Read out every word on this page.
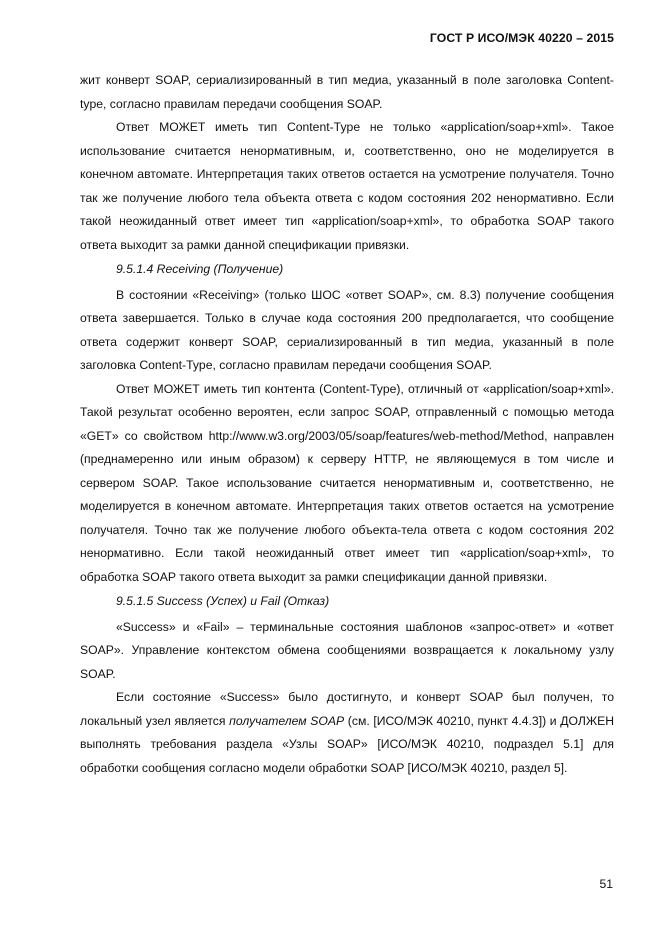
ГОСТ Р ИСО/МЭК 40220 – 2015

жит конверт SOAP, сериализированный в тип медиа, указанный в поле заголовка Content-type, согласно правилам передачи сообщения SOAP.

Ответ МОЖЕТ иметь тип Content-Type не только «application/soap+xml». Такое использование считается ненормативным, и, соответственно, оно не моделируется в конечном автомате. Интерпретация таких ответов остается на усмотрение получателя. Точно так же получение любого тела объекта ответа с кодом состояния 202 ненормативно. Если такой неожиданный ответ имеет тип «application/soap+xml», то обработка SOAP такого ответа выходит за рамки данной спецификации привязки.

9.5.1.4 Receiving (Получение)

В состоянии «Receiving» (только ШОС «ответ SOAP», см. 8.3) получение сообщения ответа завершается. Только в случае кода состояния 200 предполагается, что сообщение ответа содержит конверт SOAP, сериализированный в тип медиа, указанный в поле заголовка Content-Type, согласно правилам передачи сообщения SOAP.

Ответ МОЖЕТ иметь тип контента (Content-Type), отличный от «application/soap+xml». Такой результат особенно вероятен, если запрос SOAP, отправленный с помощью метода «GET» со свойством http://www.w3.org/2003/05/soap/features/web-method/Method, направлен (преднамеренно или иным образом) к серверу HTTP, не являющемуся в том числе и сервером SOAP. Такое использование считается ненормативным и, соответственно, не моделируется в конечном автомате. Интерпретация таких ответов остается на усмотрение получателя. Точно так же получение любого объекта-тела ответа с кодом состояния 202 ненормативно. Если такой неожиданный ответ имеет тип «application/soap+xml», то обработка SOAP такого ответа выходит за рамки спецификации данной привязки.

9.5.1.5 Success (Успех) и Fail (Отказ)

«Success» и «Fail» – терминальные состояния шаблонов «запрос-ответ» и «ответ SOAP». Управление контекстом обмена сообщениями возвращается к локальному узлу SOAP.

Если состояние «Success» было достигнуто, и конверт SOAP был получен, то локальный узел является получателем SOAP (см. [ИСО/МЭК 40210, пункт 4.4.3]) и ДОЛЖЕН выполнять требования раздела «Узлы SOAP» [ИСО/МЭК 40210, подраздел 5.1] для обработки сообщения согласно модели обработки SOAP [ИСО/МЭК 40210, раздел 5].

51
